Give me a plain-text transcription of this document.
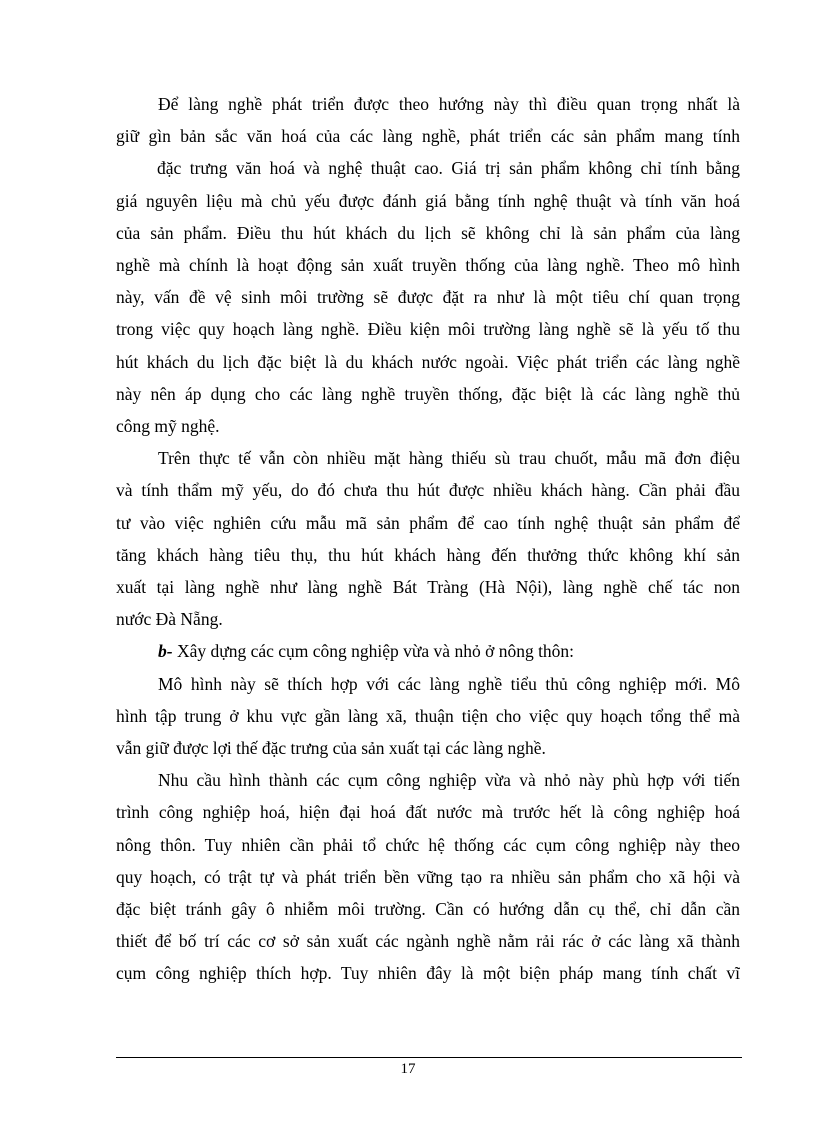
Để làng nghề phát triển được theo hướng này thì điều quan trọng nhất là
giữ gìn bản sắc văn hoá của các làng nghề, phát triển các sản phẩm mang tính
đặc trưng văn hoá và nghệ thuật cao. Giá trị sản phẩm không chỉ tính bằng
giá nguyên liệu mà chủ yếu được đánh giá bằng tính nghệ thuật và tính văn hoá
của sản phẩm. Điều thu hút khách du lịch sẽ không chỉ là sản phẩm của làng
nghề mà chính là hoạt động sản xuất truyền thống của làng nghề. Theo mô hình
này, vấn đề vệ sinh môi trường sẽ được đặt ra như là một tiêu chí quan trọng
trong việc quy hoạch làng nghề. Điều kiện môi trường làng nghề sẽ là yếu tố thu
hút khách du lịch đặc biệt là du khách nước ngoài. Việc phát triển các làng nghề
này nên áp dụng cho các làng nghề truyền thống, đặc biệt là các làng nghề thủ
công mỹ nghệ.
Trên thực tế vẫn còn nhiều mặt hàng thiếu sù trau chuốt, mẫu mã đơn điệu
và tính thẩm mỹ yếu, do đó chưa thu hút được nhiều khách hàng. Cần phải đầu
tư vào việc nghiên cứu mẫu mã sản phẩm để cao tính nghệ thuật sản phẩm để
tăng khách hàng tiêu thụ, thu hút khách hàng đến thưởng thức không khí sản
xuất tại làng nghề như làng nghề Bát Tràng (Hà Nội), làng nghề chế tác non
nước Đà Nẵng.
b- Xây dựng các cụm công nghiệp vừa và nhỏ ở nông thôn:
Mô hình này sẽ thích hợp với các làng nghề tiểu thủ công nghiệp mới. Mô
hình tập trung ở khu vực gần làng xã, thuận tiện cho việc quy hoạch tổng thể mà
vẫn giữ được lợi thế đặc trưng của sản xuất tại các làng nghề.
Nhu cầu hình thành các cụm công nghiệp vừa và nhỏ này phù hợp với tiến
trình công nghiệp hoá, hiện đại hoá đất nước mà trước hết là công nghiệp hoá
nông thôn. Tuy nhiên cần phải tổ chức hệ thống các cụm công nghiệp này theo
quy hoạch, có trật tự và phát triển bền vững tạo ra nhiều sản phẩm cho xã hội và
đặc biệt tránh gây ô nhiễm môi trường. Cần có hướng dẫn cụ thể, chỉ dẫn cần
thiết để bố trí các cơ sở sản xuất các ngành nghề nằm rải rác ở các làng xã thành
cụm công nghiệp thích hợp. Tuy nhiên đây là một biện pháp mang tính chất vĩ
17
